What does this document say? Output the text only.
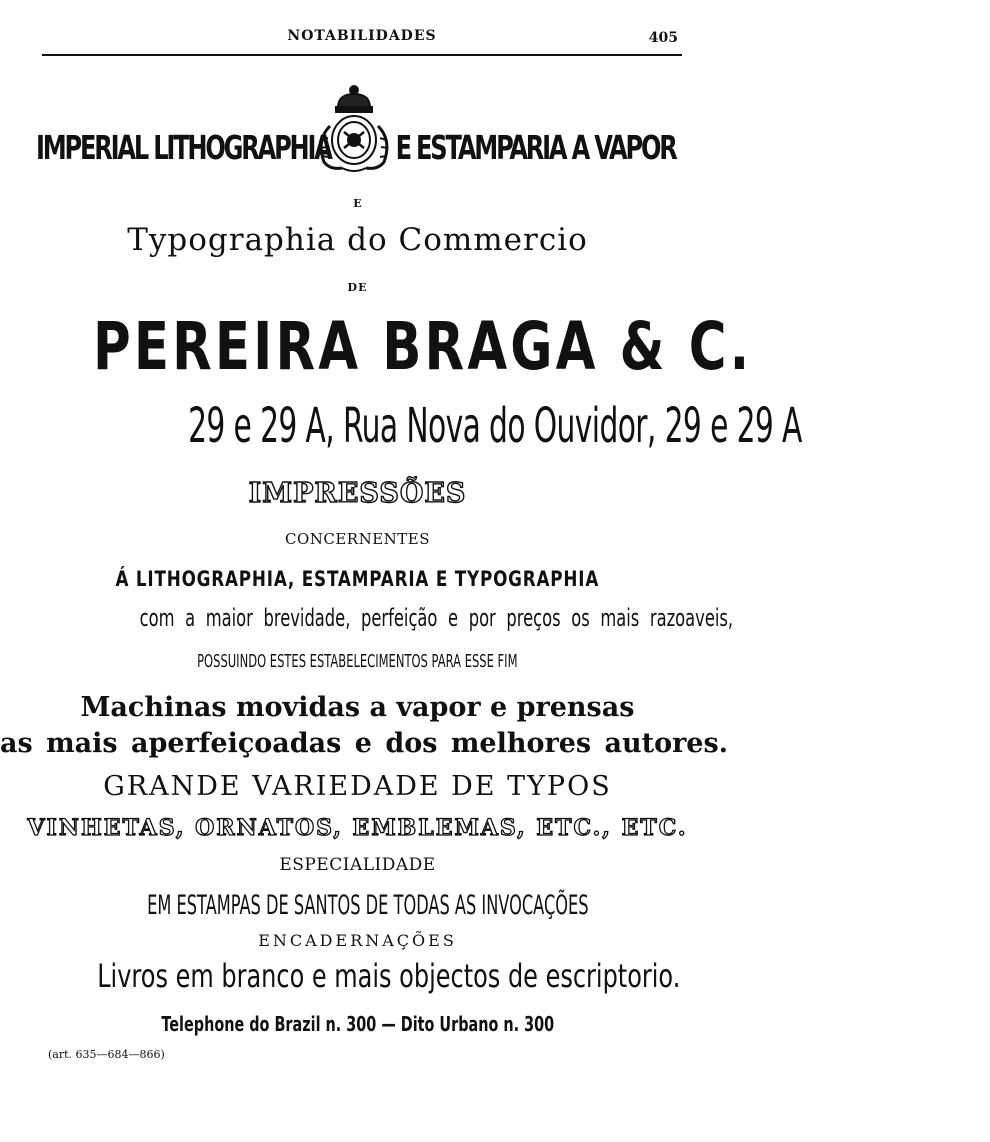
NOTABILIDADES	405
IMPERIAL LITHOGRAPHIA E ESTAMPARIA A VAPOR
E
Typographia do Commercio
DE
PEREIRA BRAGA & C.
29 e 29 A, Rua Nova do Ouvidor, 29 e 29 A
IMPRESSÕES
CONCERNENTES
Á LITHOGRAPHIA, ESTAMPARIA E TYPOGRAPHIA
com a maior brevidade, perfeição e por preços os mais razoaveis,
POSSUINDO ESTES ESTABELECIMENTOS PARA ESSE FIM
Machinas movidas a vapor e prensas
as mais aperfeiçoadas e dos melhores autores.
GRANDE VARIEDADE DE TYPOS
VINHETAS, ORNATOS, EMBLEMAS, ETC., ETC.
ESPECIALIDADE
EM ESTAMPAS DE SANTOS DE TODAS AS INVOCAÇÕES
ENCADERNAÇÕES
Livros em branco e mais objectos de escriptorio.
Telephone do Brazil n. 300 — Dito Urbano n. 300
(art. 635—684—866)
